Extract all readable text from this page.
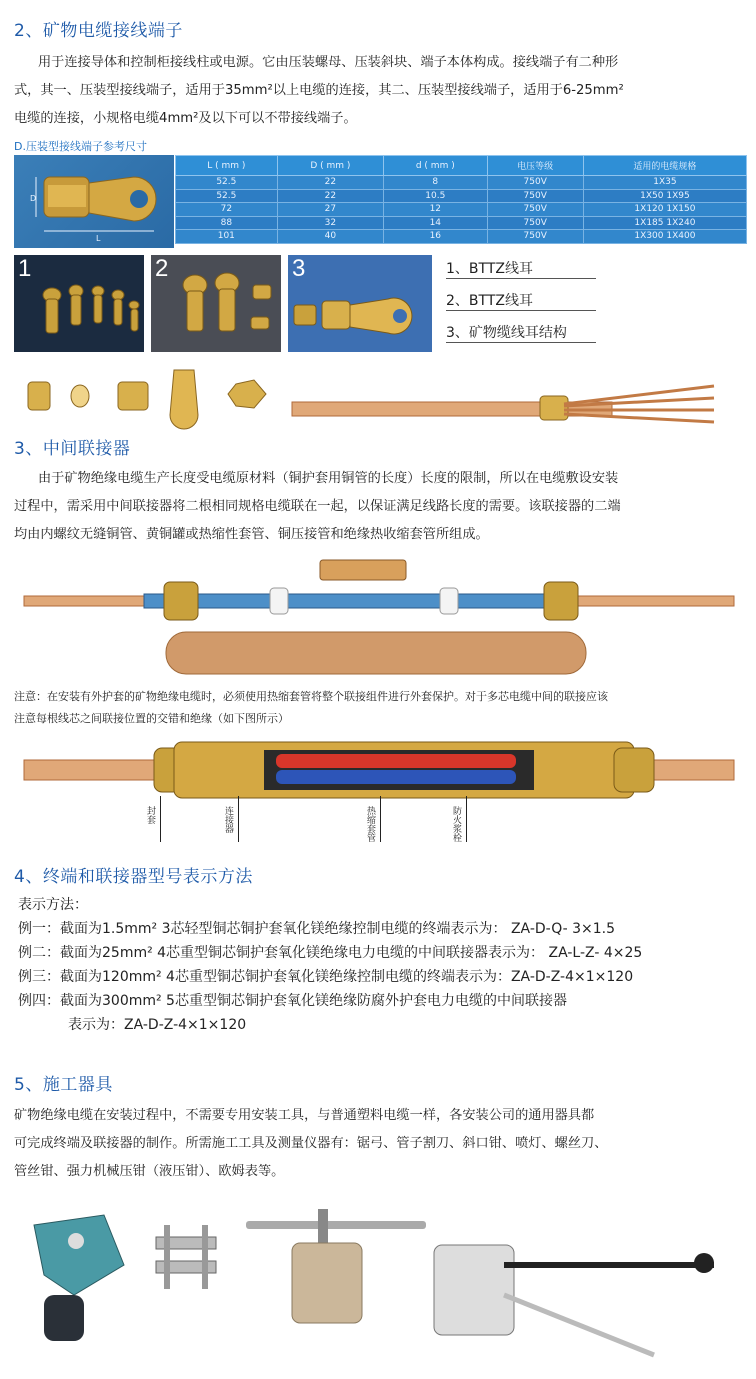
2、矿物电缆接线端子
用于连接导体和控制柜接线柱或电源。它由压装螺母、压装斜块、端子本体构成。接线端子有二种形
式，其一、压装型接线端子，适用于35mm²以上电缆的连接，其二、压装型接线端子，适用于6-25mm²
电缆的连接，小规格电缆4mm²及以下可以不带接线端子。
D.压装型接线端子参考尺寸
D
L
L ( mm )	D ( mm )	d ( mm )	电压等级	适用的电缆规格
52.5	22	8	750V	1X35
52.5	22	10.5	750V	1X50 1X95
72	27	12	750V	1X120 1X150
88	32	14	750V	1X185 1X240
101	40	16	750V	1X300 1X400
1	2	3	1、BTTZ线耳
2、BTTZ线耳
3、矿物缆线耳结构
3、中间联接器
由于矿物绝缘电缆生产长度受电缆原材料（铜护套用铜管的长度）长度的限制，所以在电缆敷设安装
过程中，需采用中间联接器将二根相同规格电缆联在一起，以保证满足线路长度的需要。该联接器的二端
均由内螺纹无缝铜管、黄铜罐或热缩性套管、铜压接管和绝缘热收缩套管所组成。
注意：在安装有外护套的矿物绝缘电缆时，必须使用热缩套管将整个联接组件进行外套保护。对于多芯电缆中间的联接应该
注意每根线芯之间联接位置的交错和绝缘（如下图所示）
封套	连接器	热缩套管	防火浆栓
4、终端和联接器型号表示方法
表示方法：
例一：截面为1.5mm² 3芯轻型铜芯铜护套氧化镁绝缘控制电缆的终端表示为： ZA-D-Q- 3×1.5
例二：截面为25mm² 4芯重型铜芯铜护套氧化镁绝缘电力电缆的中间联接器表示为： ZA-L-Z- 4×25
例三：截面为120mm² 4芯重型铜芯铜护套氧化镁绝缘控制电缆的终端表示为：ZA-D-Z-4×1×120
例四：截面为300mm² 5芯重型铜芯铜护套氧化镁绝缘防腐外护套电力电缆的中间联接器
表示为：ZA-D-Z-4×1×120
5、施工器具
矿物绝缘电缆在安装过程中，不需要专用安装工具，与普通塑料电缆一样，各安装公司的通用器具都
可完成终端及联接器的制作。所需施工工具及测量仪器有：锯弓、管子割刀、斜口钳、喷灯、螺丝刀、
管丝钳、强力机械压钳（液压钳）、欧姆表等。
